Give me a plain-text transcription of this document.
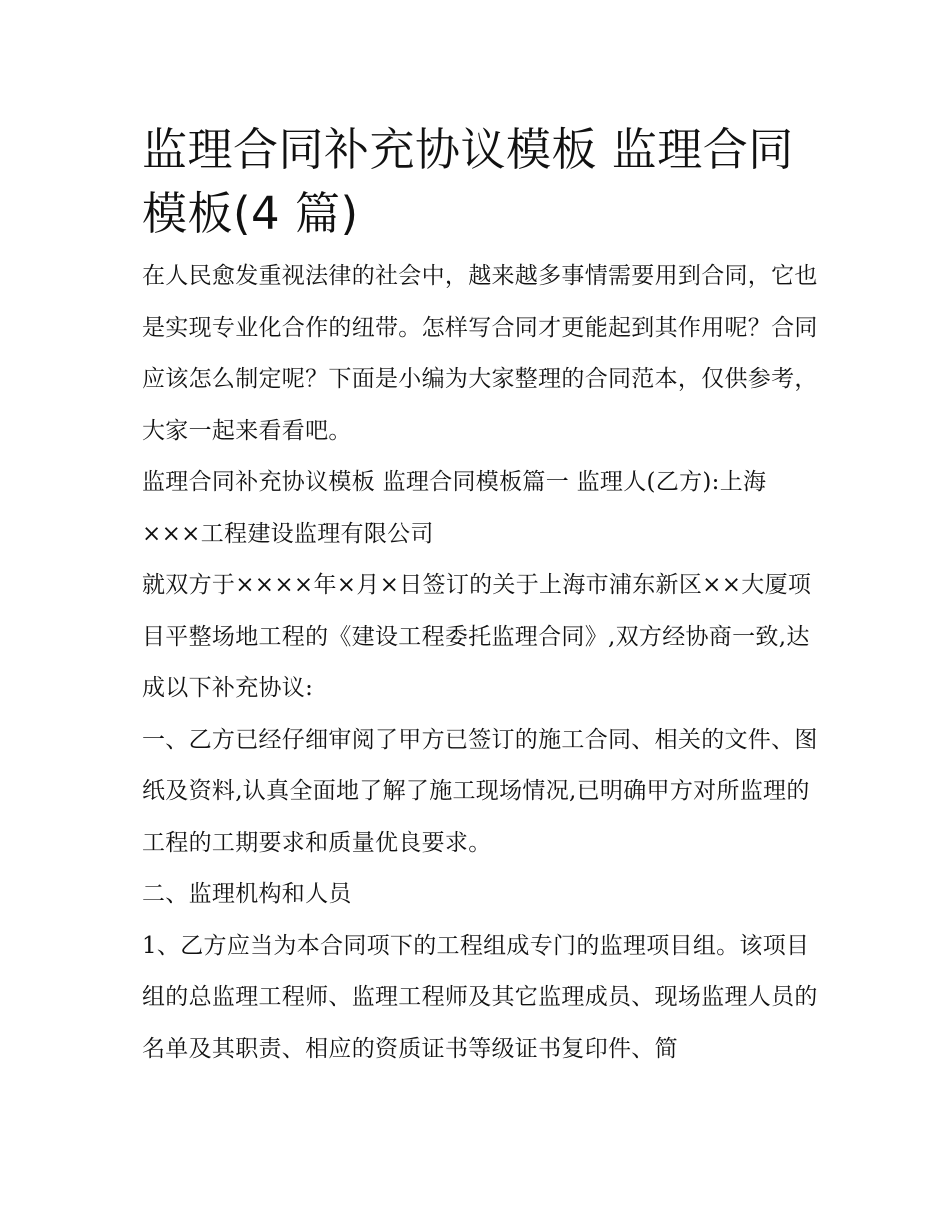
监理合同补充协议模板 监理合同模板(4 篇)

在人民愈发重视法律的社会中，越来越多事情需要用到合同，它也是实现专业化合作的纽带。怎样写合同才更能起到其作用呢？合同应该怎么制定呢？下面是小编为大家整理的合同范本，仅供参考，大家一起来看看吧。

监理合同补充协议模板 监理合同模板篇一 监理人(乙方):上海×××工程建设监理有限公司

就双方于××××年×月×日签订的关于上海市浦东新区××大厦项目平整场地工程的《建设工程委托监理合同》,双方经协商一致,达成以下补充协议:

一、乙方已经仔细审阅了甲方已签订的施工合同、相关的文件、图纸及资料,认真全面地了解了施工现场情况,已明确甲方对所监理的工程的工期要求和质量优良要求。

二、监理机构和人员

1、乙方应当为本合同项下的工程组成专门的监理项目组。该项目组的总监理工程师、监理工程师及其它监理成员、现场监理人员的名单及其职责、相应的资质证书等级证书复印件、简
